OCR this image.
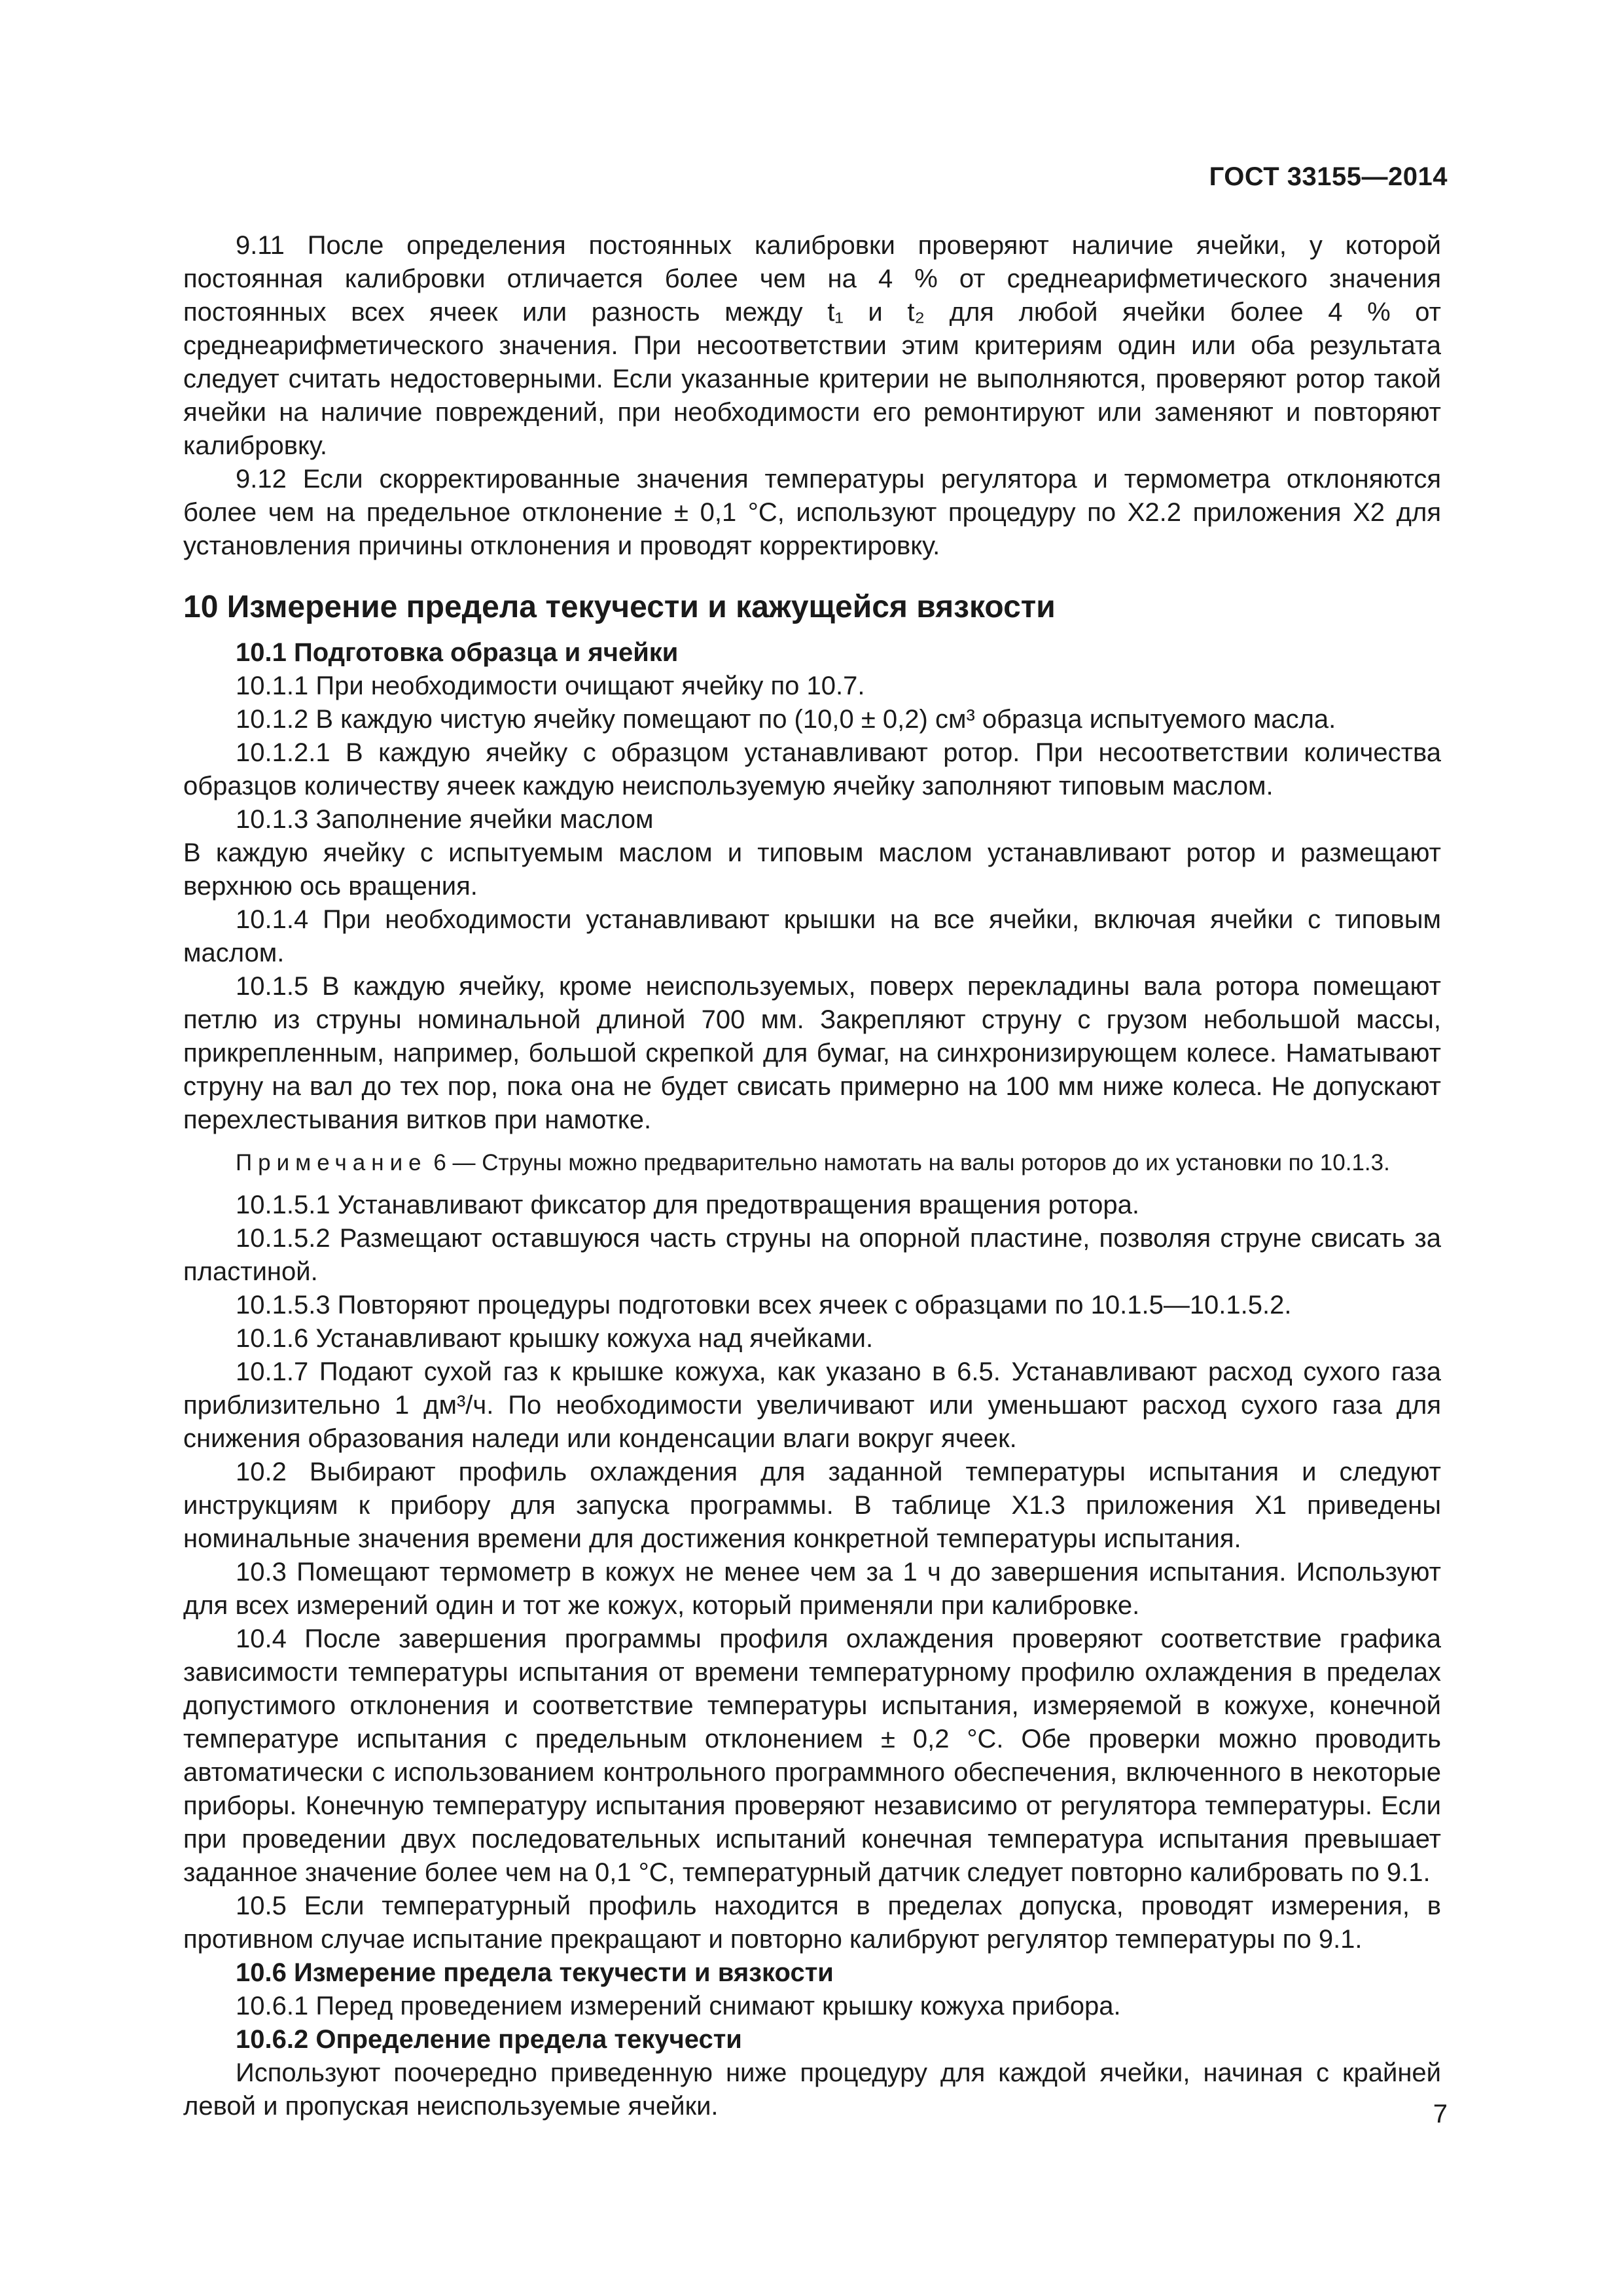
ГОСТ 33155—2014

9.11 После определения постоянных калибровки проверяют наличие ячейки, у которой постоянная калибровки отличается более чем на 4 % от среднеарифметического значения постоянных всех ячеек или разность между t₁ и t₂ для любой ячейки более 4 % от среднеарифметического значения. При несоответствии этим критериям один или оба результата следует считать недостоверными. Если указанные критерии не выполняются, проверяют ротор такой ячейки на наличие повреждений, при необходимости его ремонтируют или заменяют и повторяют калибровку.

9.12 Если скорректированные значения температуры регулятора и термометра отклоняются более чем на предельное отклонение ± 0,1 °С, используют процедуру по Х2.2 приложения Х2 для установления причины отклонения и проводят корректировку.

10 Измерение предела текучести и кажущейся вязкости

10.1 Подготовка образца и ячейки

10.1.1 При необходимости очищают ячейку по 10.7.

10.1.2 В каждую чистую ячейку помещают по (10,0 ± 0,2) см³ образца испытуемого масла.

10.1.2.1 В каждую ячейку с образцом устанавливают ротор. При несоответствии количества образцов количеству ячеек каждую неиспользуемую ячейку заполняют типовым маслом.

10.1.3 Заполнение ячейки маслом

В каждую ячейку с испытуемым маслом и типовым маслом устанавливают ротор и размещают верхнюю ось вращения.

10.1.4 При необходимости устанавливают крышки на все ячейки, включая ячейки с типовым маслом.

10.1.5 В каждую ячейку, кроме неиспользуемых, поверх перекладины вала ротора помещают петлю из струны номинальной длиной 700 мм. Закрепляют струну с грузом небольшой массы, прикрепленным, например, большой скрепкой для бумаг, на синхронизирующем колесе. Наматывают струну на вал до тех пор, пока она не будет свисать примерно на 100 мм ниже колеса. Не допускают перехлестывания витков при намотке.

Примечание 6 — Струны можно предварительно намотать на валы роторов до их установки по 10.1.3.

10.1.5.1 Устанавливают фиксатор для предотвращения вращения ротора.

10.1.5.2 Размещают оставшуюся часть струны на опорной пластине, позволяя струне свисать за пластиной.

10.1.5.3 Повторяют процедуры подготовки всех ячеек с образцами по 10.1.5—10.1.5.2.

10.1.6 Устанавливают крышку кожуха над ячейками.

10.1.7 Подают сухой газ к крышке кожуха, как указано в 6.5. Устанавливают расход сухого газа приблизительно 1 дм³/ч. По необходимости увеличивают или уменьшают расход сухого газа для снижения образования наледи или конденсации влаги вокруг ячеек.

10.2 Выбирают профиль охлаждения для заданной температуры испытания и следуют инструкциям к прибору для запуска программы. В таблице Х1.3 приложения Х1 приведены номинальные значения времени для достижения конкретной температуры испытания.

10.3 Помещают термометр в кожух не менее чем за 1 ч до завершения испытания. Используют для всех измерений один и тот же кожух, который применяли при калибровке.

10.4 После завершения программы профиля охлаждения проверяют соответствие графика зависимости температуры испытания от времени температурному профилю охлаждения в пределах допустимого отклонения и соответствие температуры испытания, измеряемой в кожухе, конечной температуре испытания с предельным отклонением ± 0,2 °С. Обе проверки можно проводить автоматически с использованием контрольного программного обеспечения, включенного в некоторые приборы. Конечную температуру испытания проверяют независимо от регулятора температуры. Если при проведении двух последовательных испытаний конечная температура испытания превышает заданное значение более чем на 0,1 °С, температурный датчик следует повторно калибровать по 9.1.

10.5 Если температурный профиль находится в пределах допуска, проводят измерения, в противном случае испытание прекращают и повторно калибруют регулятор температуры по 9.1.

10.6 Измерение предела текучести и вязкости

10.6.1 Перед проведением измерений снимают крышку кожуха прибора.

10.6.2 Определение предела текучести

Используют поочередно приведенную ниже процедуру для каждой ячейки, начиная с крайней левой и пропуская неиспользуемые ячейки.	7
